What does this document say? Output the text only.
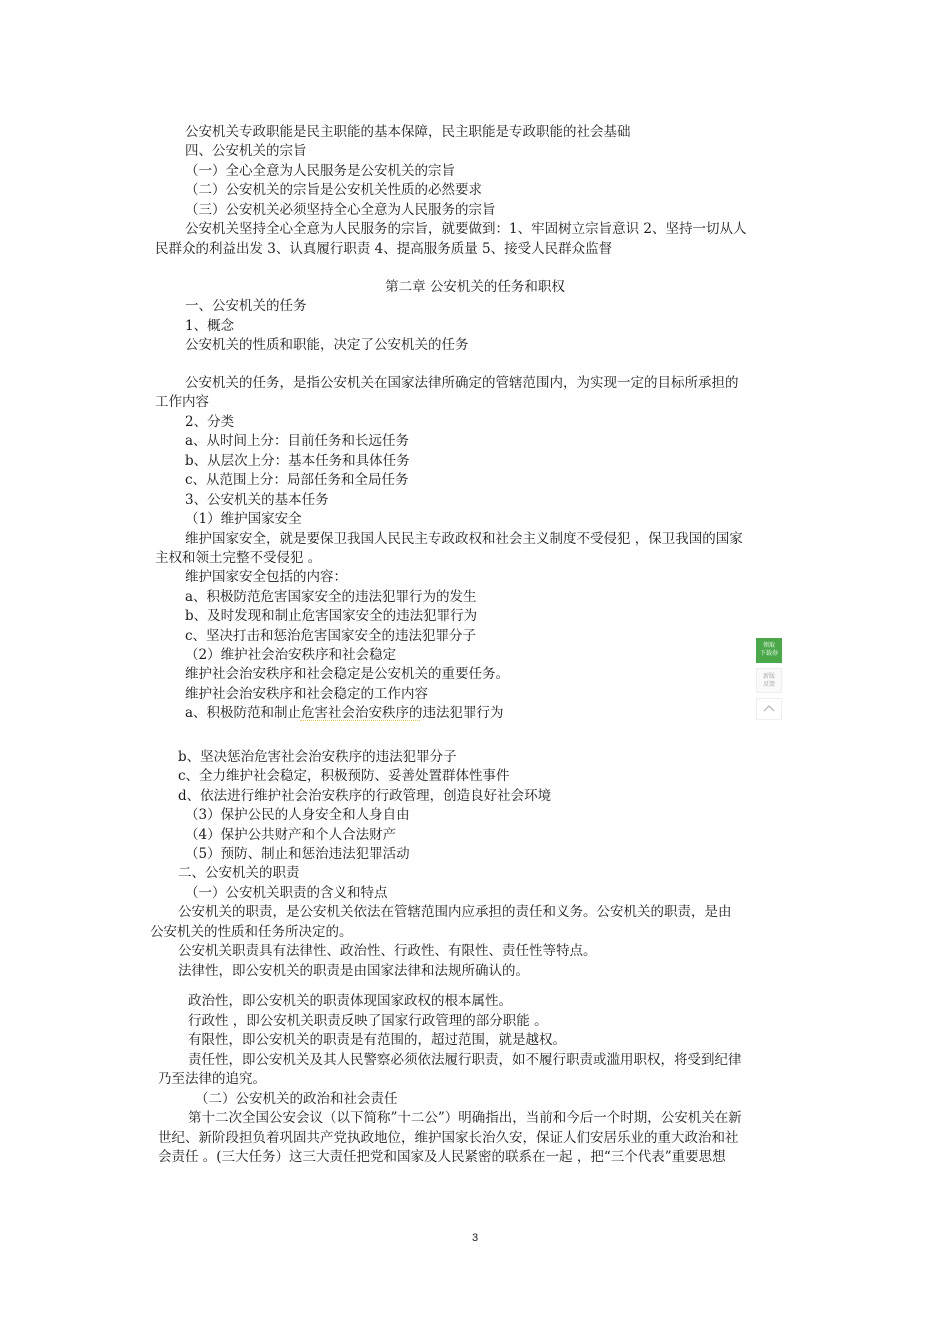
公安机关专政职能是民主职能的基本保障，民主职能是专政职能的社会基础
四、公安机关的宗旨
（一）全心全意为人民服务是公安机关的宗旨
（二）公安机关的宗旨是公安机关性质的必然要求
（三）公安机关必须坚持全心全意为人民服务的宗旨
公安机关坚持全心全意为人民服务的宗旨，就要做到：1、牢固树立宗旨意识 2、坚持一切从人
民群众的利益出发 3、认真履行职责 4、提高服务质量 5、接受人民群众监督
第二章 公安机关的任务和职权
一、公安机关的任务
1、概念
公安机关的性质和职能，决定了公安机关的任务
公安机关的任务，是指公安机关在国家法律所确定的管辖范围内，为实现一定的目标所承担的
工作内容
2、分类
a、从时间上分：目前任务和长远任务
b、从层次上分：基本任务和具体任务
c、从范围上分：局部任务和全局任务
3、公安机关的基本任务
（1）维护国家安全
维护国家安全，就是要保卫我国人民民主专政政权和社会主义制度不受侵犯 ，保卫我国的国家
主权和领土完整不受侵犯 。
维护国家安全包括的内容：
a、积极防范危害国家安全的违法犯罪行为的发生
b、及时发现和制止危害国家安全的违法犯罪行为
c、坚决打击和惩治危害国家安全的违法犯罪分子
（2）维护社会治安秩序和社会稳定
维护社会治安秩序和社会稳定是公安机关的重要任务。
维护社会治安秩序和社会稳定的工作内容
a、积极防范和制止危害社会治安秩序的违法犯罪行为
b、坚决惩治危害社会治安秩序的违法犯罪分子
c、全力维护社会稳定，积极预防、妥善处置群体性事件
d、依法进行维护社会治安秩序的行政管理，创造良好社会环境
（3）保护公民的人身安全和人身自由
（4）保护公共财产和个人合法财产
（5）预防、制止和惩治违法犯罪活动
二、公安机关的职责
（一）公安机关职责的含义和特点
公安机关的职责，是公安机关依法在管辖范围内应承担的责任和义务。公安机关的职责，是由
公安机关的性质和任务所决定的。
公安机关职责具有法律性、政治性、行政性、有限性、责任性等特点。
法律性，即公安机关的职责是由国家法律和法规所确认的。
政治性，即公安机关的职责体现国家政权的根本属性。
行政性 ，即公安机关职责反映了国家行政管理的部分职能 。
有限性，即公安机关的职责是有范围的，超过范围，就是越权。
责任性，即公安机关及其人民警察必须依法履行职责，如不履行职责或滥用职权，将受到纪律
乃至法律的追究。
（二）公安机关的政治和社会责任
第十二次全国公安会议（以下简称”十二公”）明确指出，当前和今后一个时期，公安机关在新
世纪、新阶段担负着巩固共产党执政地位，维护国家长治久安，保证人们安居乐业的重大政治和社
会责任 。(三大任务）这三大责任把党和国家及人民紧密的联系在一起 ，把“三个代表”重要思想
3
领取
下载券
新版
反馈
